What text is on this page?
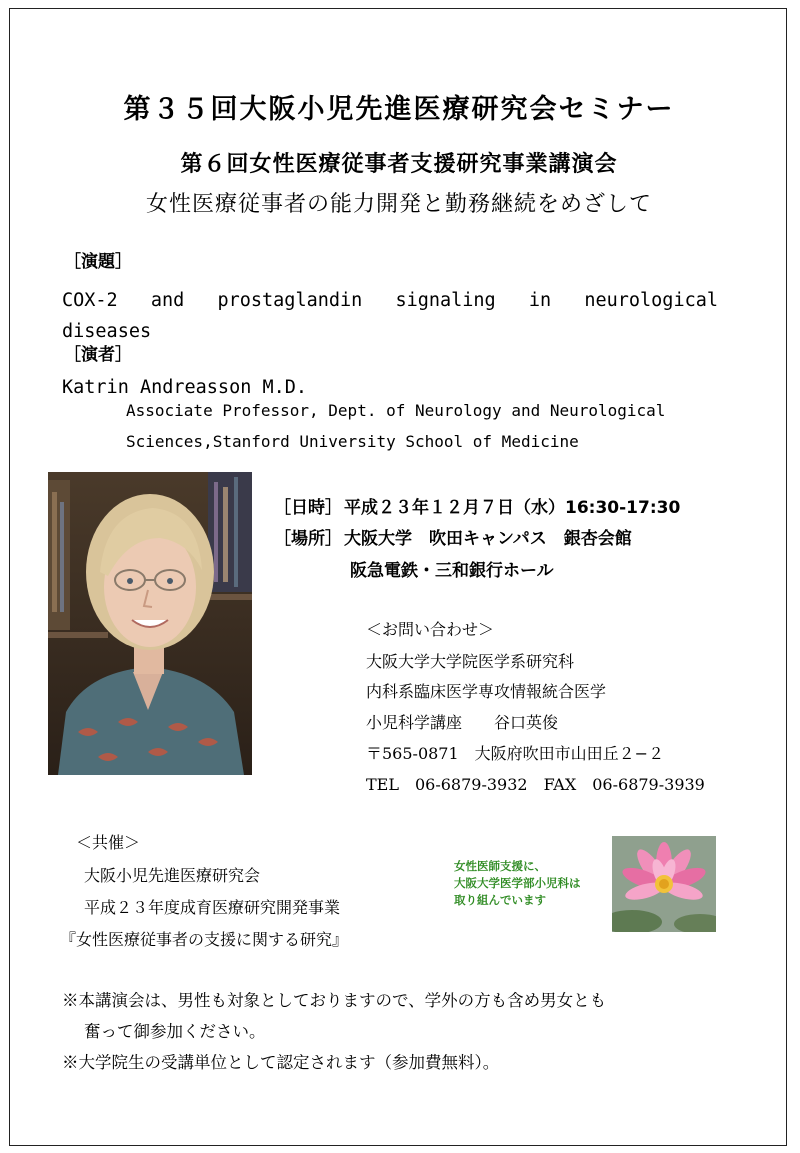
第３５回大阪小児先進医療研究会セミナー
第６回女性医療従事者支援研究事業講演会
女性医療従事者の能力開発と勤務継続をめざして
［演題］
COX-2 and prostaglandin signaling in neurological
diseases
［演者］
Katrin Andreasson M.D.
Associate Professor, Dept. of Neurology and Neurological
Sciences,Stanford University School of Medicine
［日時］ 平成２３年１２月７日（水）16:30-17:30
［場所］ 大阪大学　吹田キャンパス　銀杏会館
阪急電鉄・三和銀行ホール
＜お問い合わせ＞
大阪大学大学院医学系研究科
内科系臨床医学専攻情報統合医学
小児科学講座　　谷口英俊
〒565-0871　大阪府吹田市山田丘２−２
TEL　06-6879-3932　FAX　06-6879-3939
＜共催＞
大阪小児先進医療研究会
平成２３年度成育医療研究開発事業
『女性医療従事者の支援に関する研究』
女性医師支援に、
大阪大学医学部小児科は
取り組んでいます
※本講演会は、男性も対象としておりますので、学外の方も含め男女とも
奮って御参加ください。
※大学院生の受講単位として認定されます（参加費無料）。
